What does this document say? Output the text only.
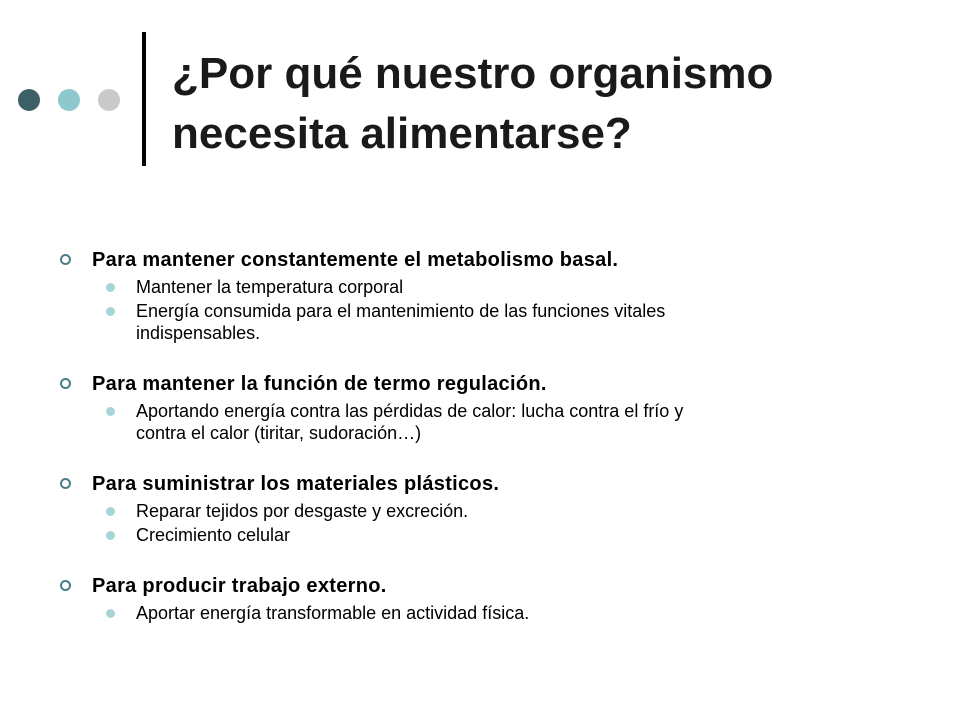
¿Por qué nuestro organismo
necesita alimentarse?
Para mantener constantemente el metabolismo basal.
Mantener la temperatura corporal
Energía consumida para el mantenimiento de las funciones vitales indispensables.
Para mantener la función de termo regulación.
Aportando energía contra las pérdidas de calor: lucha contra el frío y contra el calor (tiritar, sudoración…)
Para suministrar los materiales plásticos.
Reparar tejidos por desgaste y excreción.
Crecimiento celular
Para producir trabajo externo.
Aportar energía transformable en actividad física.
